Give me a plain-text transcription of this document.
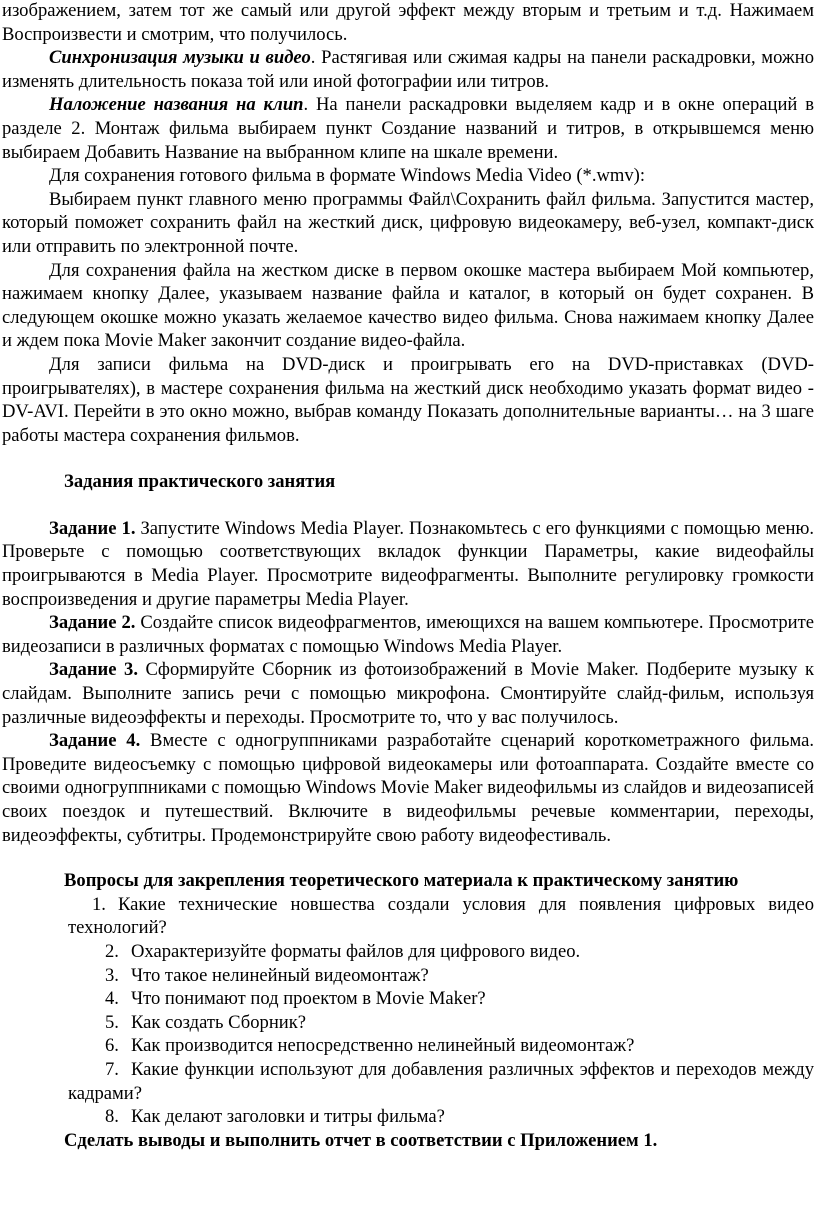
изображением, затем тот же самый или другой эффект между вторым и третьим и т.д. Нажимаем Воспроизвести и смотрим, что получилось.

Синхронизация музыки и видео. Растягивая или сжимая кадры на панели раскадровки, можно изменять длительность показа той или иной фотографии или титров.

Наложение названия на клип. На панели раскадровки выделяем кадр и в окне операций в разделе 2. Монтаж фильма выбираем пункт Создание названий и титров, в открывшемся меню выбираем Добавить Название на выбранном клипе на шкале времени.

Для сохранения готового фильма в формате Windows Media Video (*.wmv):

Выбираем пункт главного меню программы Файл\Сохранить файл фильма. Запустится мастер, который поможет сохранить файл на жесткий диск, цифровую видеокамеру, веб-узел, компакт-диск или отправить по электронной почте.

Для сохранения файла на жестком диске в первом окошке мастера выбираем Мой компьютер, нажимаем кнопку Далее, указываем название файла и каталог, в который он будет сохранен. В следующем окошке можно указать желаемое качество видео фильма. Снова нажимаем кнопку Далее и ждем пока Movie Maker закончит создание видео-файла.

Для записи фильма на DVD-диск и проигрывать его на DVD-приставках (DVD-проигрывателях), в мастере сохранения фильма на жесткий диск необходимо указать формат видео - DV-AVI. Перейти в это окно можно, выбрав команду Показать дополнительные варианты… на 3 шаге работы мастера сохранения фильмов.

Задания практического занятия

Задание 1. Запустите Windows Media Player. Познакомьтесь с его функциями с помощью меню. Проверьте с помощью соответствующих вкладок функции Параметры, какие видеофайлы проигрываются в Media Player. Просмотрите видеофрагменты. Выполните регулировку громкости воспроизведения и другие параметры Media Player.

Задание 2. Создайте список видеофрагментов, имеющихся на вашем компьютере. Просмотрите видеозаписи в различных форматах с помощью Windows Media Player.

Задание 3. Сформируйте Сборник из фотоизображений в Movie Maker. Подберите музыку к слайдам. Выполните запись речи с помощью микрофона. Смонтируйте слайд-фильм, используя различные видеоэффекты и переходы. Просмотрите то, что у вас получилось.

Задание 4. Вместе с одногруппниками разработайте сценарий короткометражного фильма. Проведите видеосъемку с помощью цифровой видеокамеры или фотоаппарата. Создайте вместе со своими одногруппниками с помощью Windows Movie Maker видеофильмы из слайдов и видеозаписей своих поездок и путешествий. Включите в видеофильмы речевые комментарии, переходы, видеоэффекты, субтитры. Продемонстрируйте свою работу видеофестиваль.

Вопросы для закрепления теоретического материала к практическому занятию

1. Какие технические новшества создали условия для появления цифровых видео технологий?
2. Охарактеризуйте форматы файлов для цифрового видео.
3. Что такое нелинейный видеомонтаж?
4. Что понимают под проектом в Movie Maker?
5. Как создать Сборник?
6. Как производится непосредственно нелинейный видеомонтаж?
7. Какие функции используют для добавления различных эффектов и переходов между кадрами?
8. Как делают заголовки и титры фильма?

Сделать выводы и выполнить отчет в соответствии с Приложением 1.
